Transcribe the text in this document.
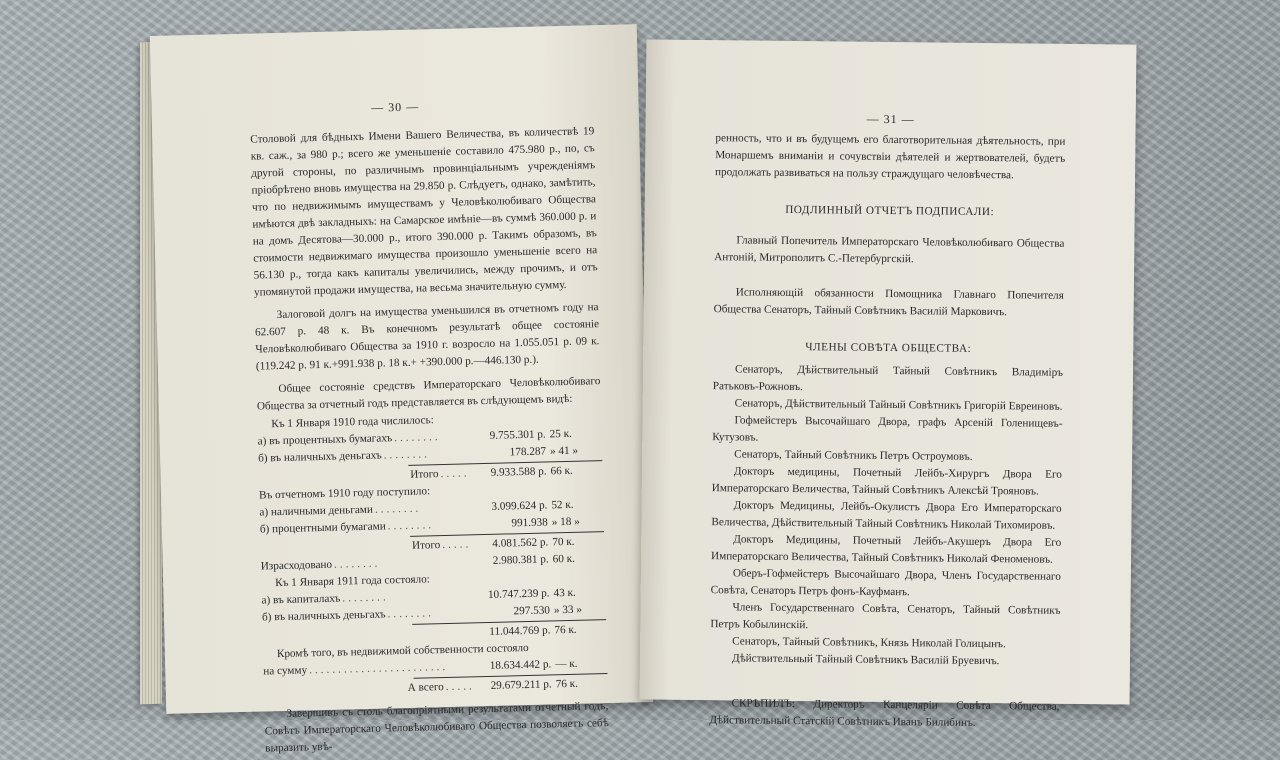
— 30 —

Столовой для бѣдныхъ Имени Вашего Величества, въ количествѣ 19 кв. саж., за 980 р.; всего же уменьшеніе составило 475.980 р., по, съ другой стороны, по различнымъ провинціальнымъ учрежденіямъ пріобрѣтено вновь имущества на 29.850 р. Слѣдуетъ, однако, замѣтить, что по недвижимымъ имуществамъ у Человѣколюбиваго Общества имѣются двѣ закладныхъ: на Самарское имѣніе—въ суммѣ 360.000 р. и на домъ Десятова—30.000 р., итого 390.000 р. Такимъ образомъ, въ стоимости недвижимаго имущества произошло уменьшеніе всего на 56.130 р., тогда какъ капиталы увеличились, между прочимъ, и отъ упомянутой продажи имущества, на весьма значительную сумму.

Залоговой долгъ на имущества уменьшился въ отчетномъ году на 62.607 р. 48 к. Въ конечномъ результатѣ общее состояніе Человѣколюбиваго Общества за 1910 г. возросло на 1.055.051 р. 09 к. (119.242 р. 91 к.+991.938 р. 18 к.+ +390.000 р.—446.130 р.).

Общее состояніе средствъ Императорскаго Человѣколюбиваго Общества за отчетный годъ представляется въ слѣдующемъ видѣ:

Къ 1 Января 1910 года числилось:
а) въ процентныхъ бумагахъ ........	9.755.301 р. 25 к.
б) въ наличныхъ деньгахъ ........	178.287 » 41 »
Итого .....	9.933.588 р. 66 к.
Въ отчетномъ 1910 году поступило:
а) наличными деньгами ........	3.099.624 р. 52 к.
б) процентными бумагами ........	991.938 » 18 »
Итого .....	4.081.562 р. 70 к.
Израсходовано ........	2.980.381 р. 60 к.
Къ 1 Января 1911 года состояло:
а) въ капиталахъ ........	10.747.239 р. 43 к.
б) въ наличныхъ деньгахъ ........	297.530 » 33 »
11.044.769 р. 76 к.
Кромѣ того, въ недвижимой собственности состояло
на сумму ........................	18.634.442 р. — к.
А всего .....	29.679.211 р. 76 к.

Завершивъ съ столь благопріятными результатами отчетный годъ, Совѣтъ Императорскаго Человѣколюбиваго Общества позволяетъ себѣ выразить увѣ-

— 31 —

ренность, что и въ будущемъ его благотворительная дѣятельность, при Монаршемъ вниманіи и сочувствіи дѣятелей и жертвователей, будетъ продолжать развиваться на пользу страждущаго человѣчества.

ПОДЛИННЫЙ ОТЧЕТЪ ПОДПИСАЛИ:

Главный Попечитель Императорскаго Человѣколюбиваго Общества Антоній, Митрополитъ С.-Петербургскій.

Исполняющій обязанности Помощника Главнаго Попечителя Общества Сенаторъ, Тайный Совѣтникъ Василій Марковичъ.

ЧЛЕНЫ СОВѢТА ОБЩЕСТВА:

Сенаторъ, Дѣйствительный Тайный Совѣтникъ Владиміръ Ратьковъ-Рожновъ.

Сенаторъ, Дѣйствительный Тайный Совѣтникъ Григорій Евреиновъ.

Гофмейстеръ Высочайшаго Двора, графъ Арсеній Голенищевъ-Кутузовъ.

Сенаторъ, Тайный Совѣтникъ Петръ Остроумовъ.

Докторъ медицины, Почетный Лейбъ-Хирургъ Двора Его Императорскаго Величества, Тайный Совѣтникъ Алексѣй Трояновъ.

Докторъ Медицины, Лейбъ-Окулистъ Двора Его Императорскаго Величества, Дѣйствительный Тайный Совѣтникъ Николай Тихомировъ.

Докторъ Медицины, Почетный Лейбъ-Акушеръ Двора Его Императорскаго Величества, Тайный Совѣтникъ Николай Феноменовъ.

Оберъ-Гофмейстеръ Высочайшаго Двора, Членъ Государственнаго Совѣта, Сенаторъ Петръ фонъ-Кауфманъ.

Членъ Государственнаго Совѣта, Сенаторъ, Тайный Совѣтникъ Петръ Кобылинскій.

Сенаторъ, Тайный Совѣтникъ, Князь Николай Голицынъ.

Дѣйствительный Тайный Совѣтникъ Василій Бруевичъ.

СКРѢПИЛЪ: Директоръ Канцеляріи Совѣта Общества, Дѣйствительный Статскій Совѣтникъ Иванъ Билибинъ.
